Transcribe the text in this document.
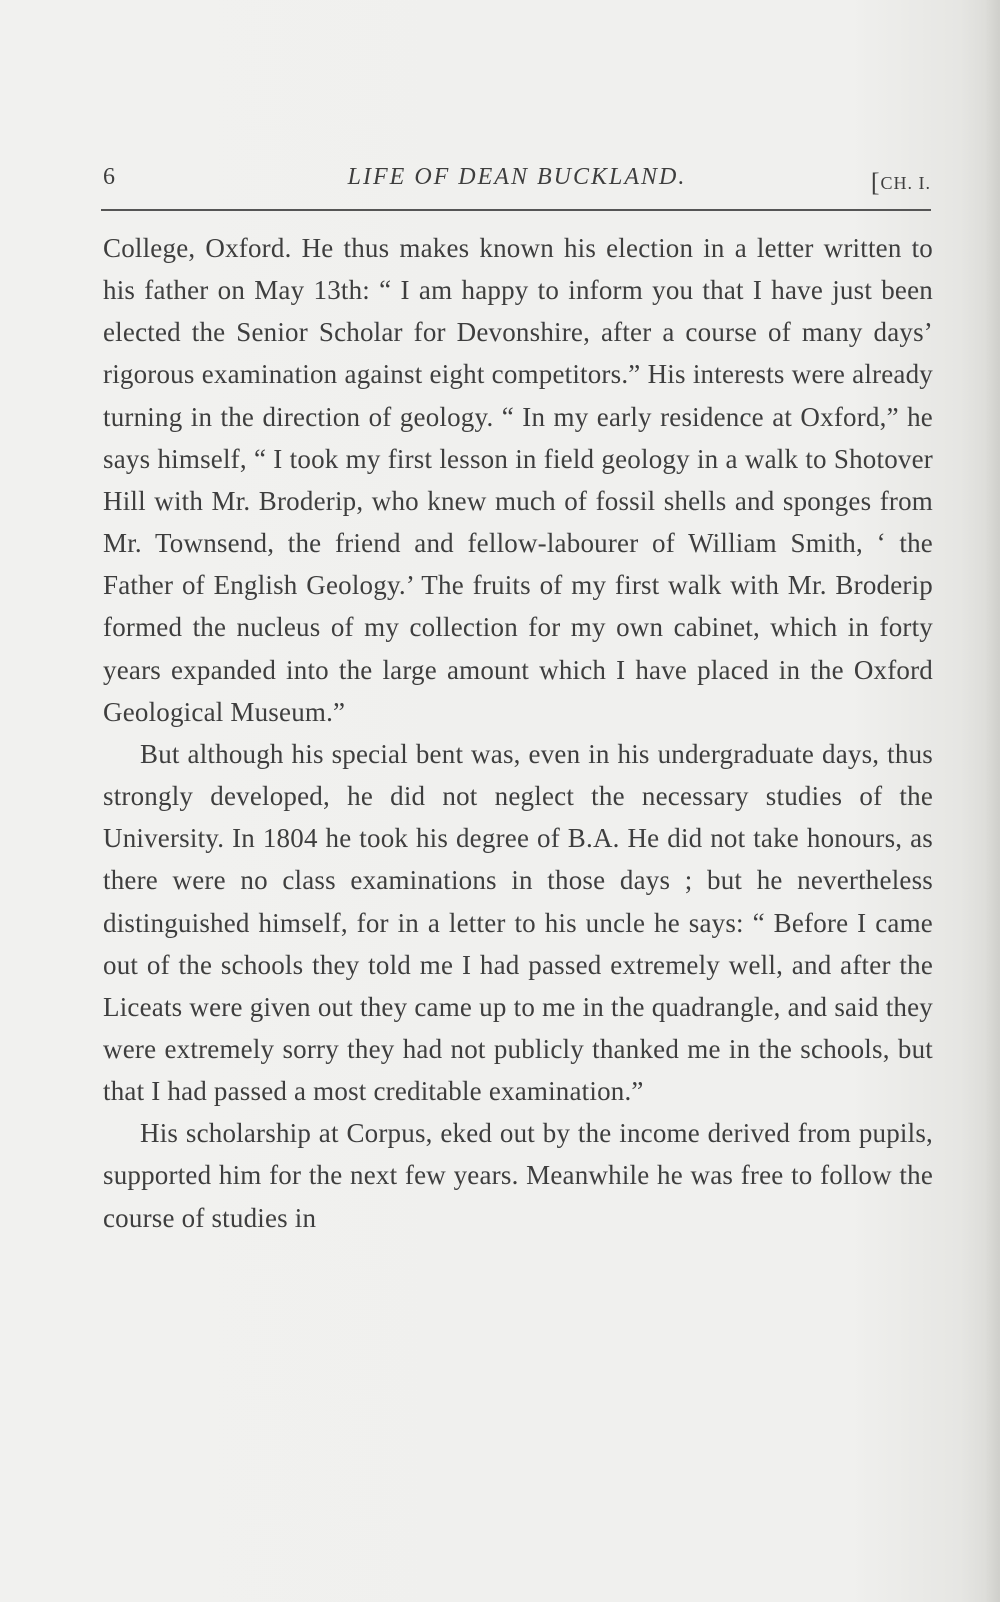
6	LIFE OF DEAN BUCKLAND.	[CH. I.

College, Oxford. He thus makes known his election in a letter written to his father on May 13th: “ I am happy to inform you that I have just been elected the Senior Scholar for Devonshire, after a course of many days’ rigorous examination against eight competitors.” His interests were already turning in the direction of geology. “ In my early residence at Oxford,” he says himself, “ I took my first lesson in field geology in a walk to Shotover Hill with Mr. Broderip, who knew much of fossil shells and sponges from Mr. Townsend, the friend and fellow-labourer of William Smith, ‘ the Father of English Geology.’ The fruits of my first walk with Mr. Broderip formed the nucleus of my collection for my own cabinet, which in forty years expanded into the large amount which I have placed in the Oxford Geological Museum.”

But although his special bent was, even in his undergraduate days, thus strongly developed, he did not neglect the necessary studies of the University. In 1804 he took his degree of B.A. He did not take honours, as there were no class examinations in those days ; but he nevertheless distinguished himself, for in a letter to his uncle he says: “ Before I came out of the schools they told me I had passed extremely well, and after the Liceats were given out they came up to me in the quadrangle, and said they were extremely sorry they had not publicly thanked me in the schools, but that I had passed a most creditable examination.”

His scholarship at Corpus, eked out by the income derived from pupils, supported him for the next few years. Meanwhile he was free to follow the course of studies in
